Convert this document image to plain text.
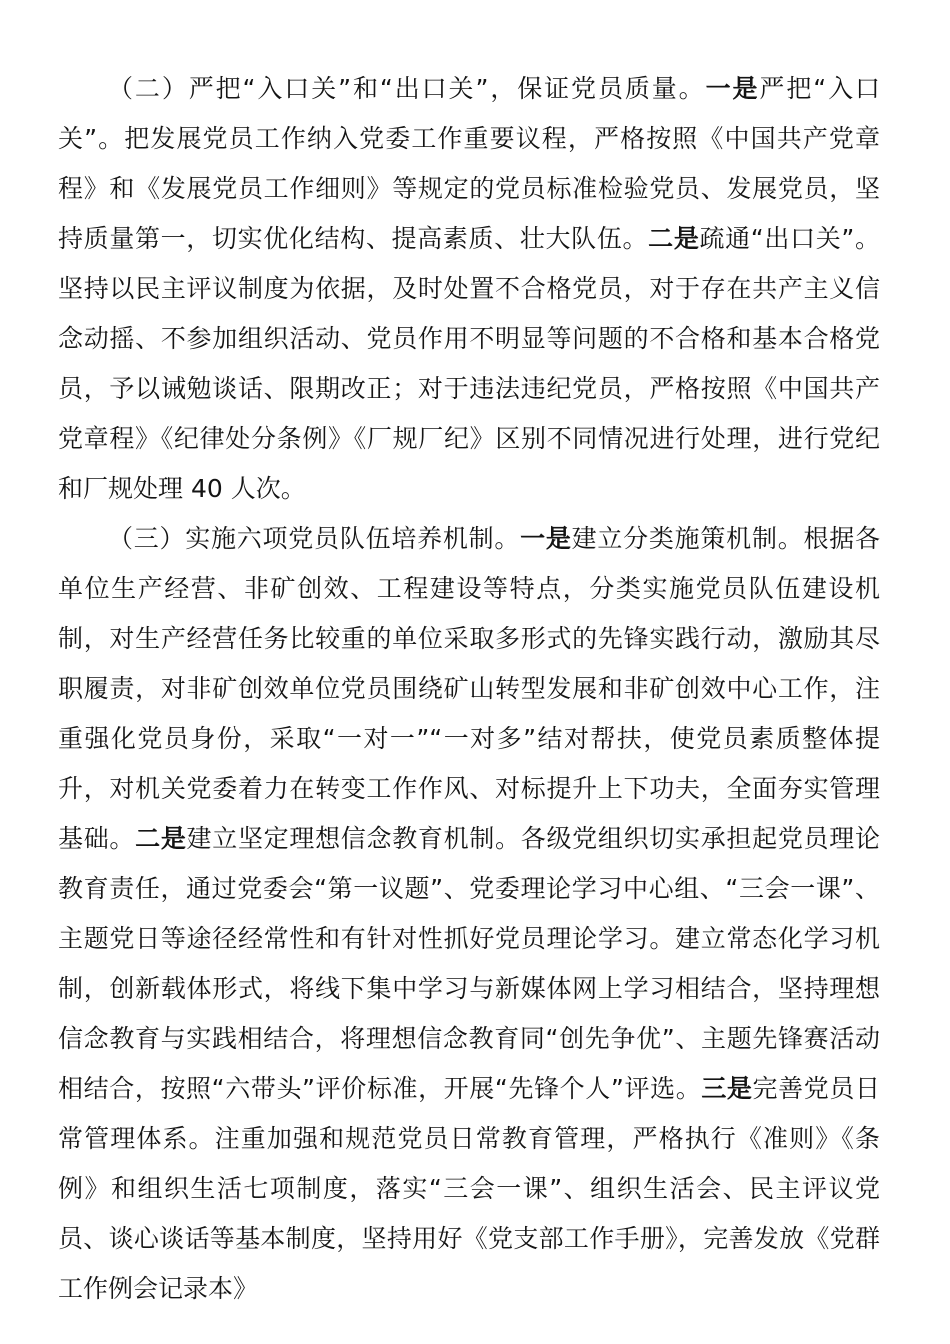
（二）严把“入口关”和“出口关”，保证党员质量。一是严把“入口关”。把发展党员工作纳入党委工作重要议程，严格按照《中国共产党章程》和《发展党员工作细则》等规定的党员标准检验党员、发展党员，坚持质量第一，切实优化结构、提高素质、壮大队伍。二是疏通“出口关”。坚持以民主评议制度为依据，及时处置不合格党员，对于存在共产主义信念动摇、不参加组织活动、党员作用不明显等问题的不合格和基本合格党员，予以诫勉谈话、限期改正；对于违法违纪党员，严格按照《中国共产党章程》《纪律处分条例》《厂规厂纪》区别不同情况进行处理，进行党纪和厂规处理 40 人次。

（三）实施六项党员队伍培养机制。一是建立分类施策机制。根据各单位生产经营、非矿创效、工程建设等特点，分类实施党员队伍建设机制，对生产经营任务比较重的单位采取多形式的先锋实践行动，激励其尽职履责，对非矿创效单位党员围绕矿山转型发展和非矿创效中心工作，注重强化党员身份，采取“一对一”“一对多”结对帮扶，使党员素质整体提升，对机关党委着力在转变工作作风、对标提升上下功夫，全面夯实管理基础。二是建立坚定理想信念教育机制。各级党组织切实承担起党员理论教育责任，通过党委会“第一议题”、党委理论学习中心组、“三会一课”、主题党日等途径经常性和有针对性抓好党员理论学习。建立常态化学习机制，创新载体形式，将线下集中学习与新媒体网上学习相结合，坚持理想信念教育与实践相结合，将理想信念教育同“创先争优”、主题先锋赛活动相结合，按照“六带头”评价标准，开展“先锋个人”评选。三是完善党员日常管理体系。注重加强和规范党员日常教育管理，严格执行《准则》《条例》和组织生活七项制度，落实“三会一课”、组织生活会、民主评议党员、谈心谈话等基本制度，坚持用好《党支部工作手册》，完善发放《党群工作例会记录本》
